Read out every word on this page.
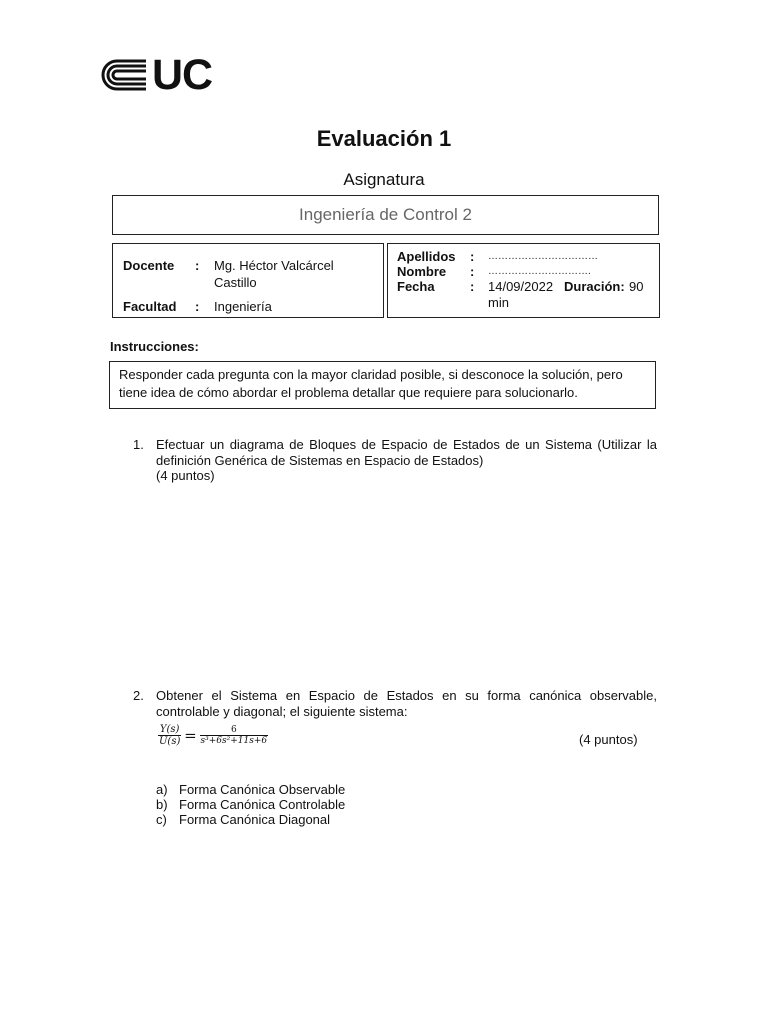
UC
Evaluación 1
Asignatura
Ingeniería de Control 2
Docente : Mg. Héctor Valcárcel
Castillo
Facultad : Ingeniería
Apellidos : ……………………………
Nombre : ………………………….
Fecha	: 14/09/2022 Duración: 90
min
Instrucciones:
Responder cada pregunta con la mayor claridad posible, si desconoce la solución, pero
tiene idea de cómo abordar el problema detallar que requiere para solucionarlo.
1. Efectuar un diagrama de Bloques de Espacio de Estados de un Sistema (Utilizar la definición Genérica de Sistemas en Espacio de Estados)
(4 puntos)
2. Obtener el Sistema en Espacio de Estados en su forma canónica observable, controlable y diagonal; el siguiente sistema:
$\frac{Y(s)}{U(s)} = \frac{6}{\text{s³+6s²+11s+6}}$	(4 puntos)
a) Forma Canónica Observable
b) Forma Canónica Controlable
c) Forma Canónica Diagonal
